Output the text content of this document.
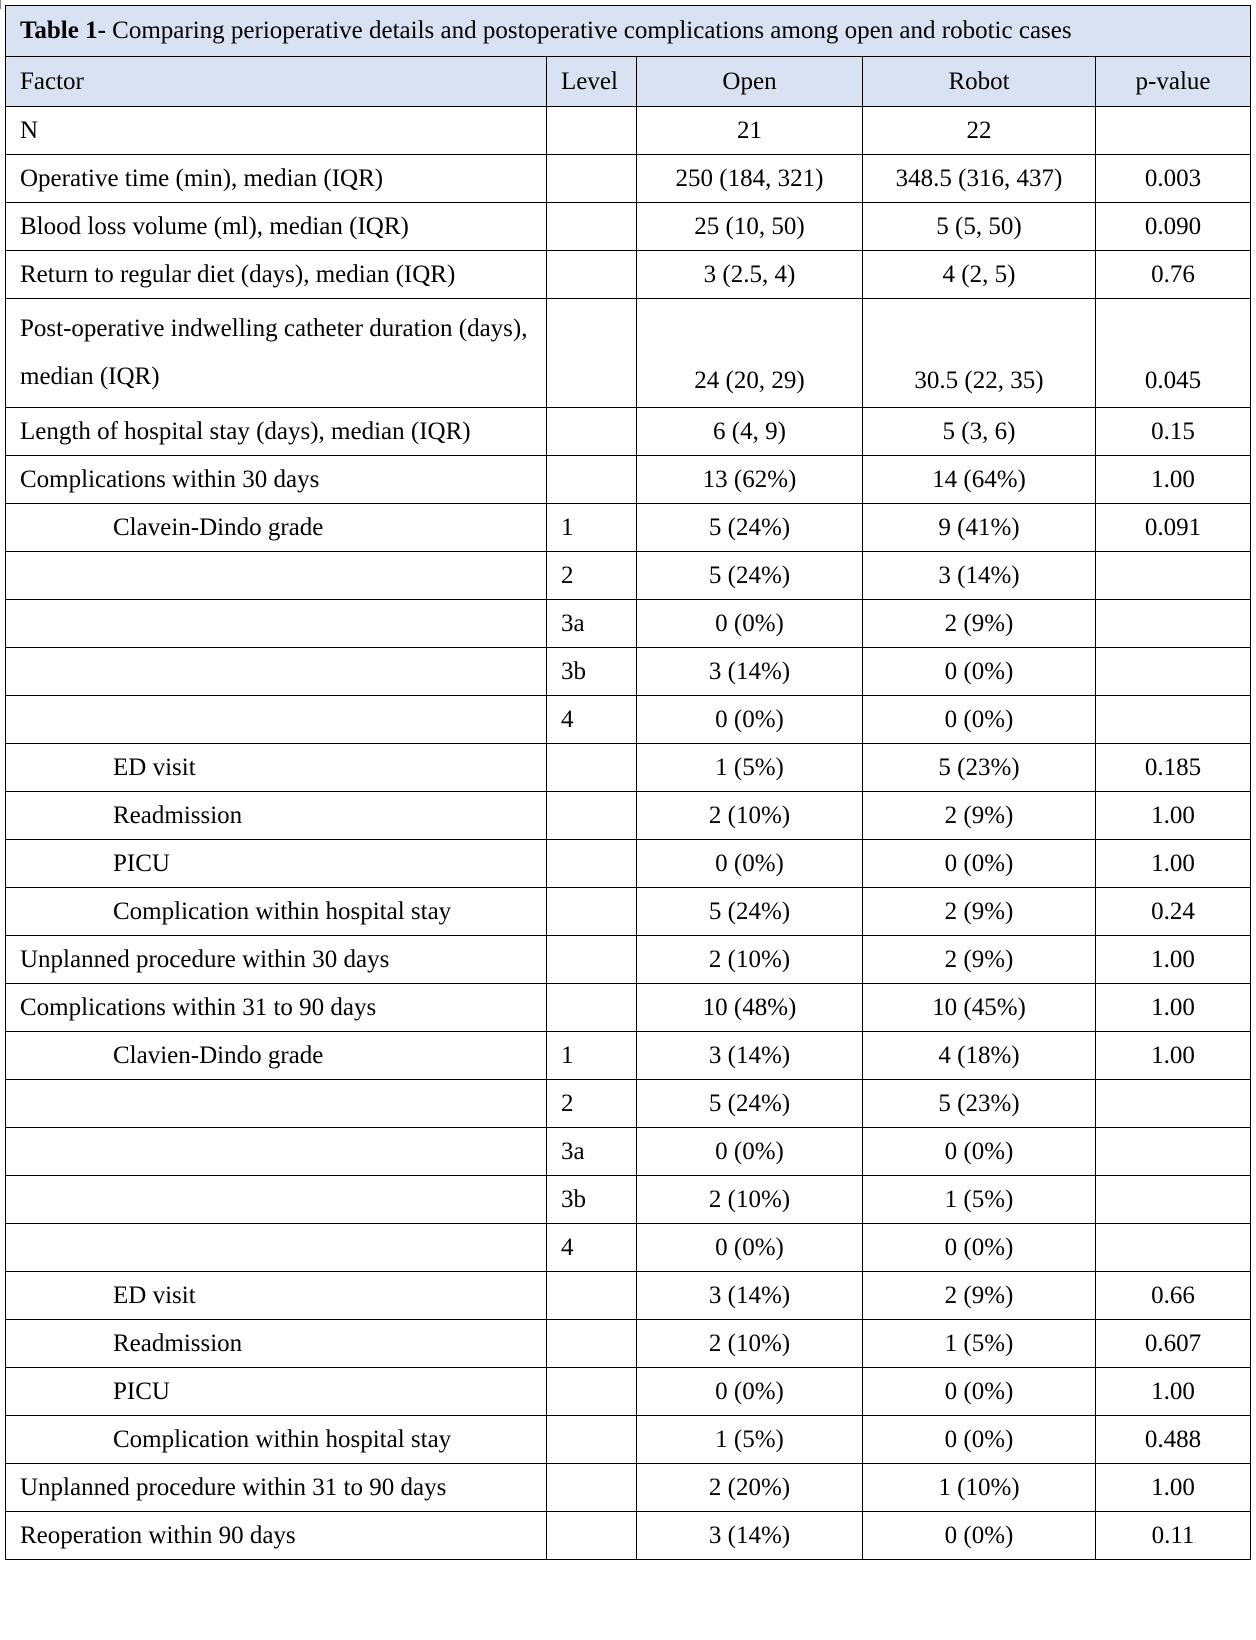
Table 1- Comparing perioperative details and postoperative complications among open and robotic cases				
Factor	Level	Open	Robot	p-value
N		21	22	
Operative time (min), median (IQR)		250 (184, 321)	348.5 (316, 437)	0.003
Blood loss volume (ml), median (IQR)		25 (10, 50)	5 (5, 50)	0.090
Return to regular diet (days), median (IQR)		3 (2.5, 4)	4 (2, 5)	0.76
Post-operative indwelling catheter duration (days), median (IQR)		24 (20, 29)	30.5 (22, 35)	0.045
Length of hospital stay (days), median (IQR)		6 (4, 9)	5 (3, 6)	0.15
Complications within 30 days		13 (62%)	14 (64%)	1.00
Clavein-Dindo grade	1	5 (24%)	9 (41%)	0.091
	2	5 (24%)	3 (14%)	
	3a	0 (0%)	2 (9%)	
	3b	3 (14%)	0 (0%)	
	4	0 (0%)	0 (0%)	
ED visit		1 (5%)	5 (23%)	0.185
Readmission		2 (10%)	2 (9%)	1.00
PICU		0 (0%)	0 (0%)	1.00
Complication within hospital stay		5 (24%)	2 (9%)	0.24
Unplanned procedure within 30 days		2 (10%)	2 (9%)	1.00
Complications within 31 to 90 days		10 (48%)	10 (45%)	1.00
Clavien-Dindo grade	1	3 (14%)	4 (18%)	1.00
	2	5 (24%)	5 (23%)	
	3a	0 (0%)	0 (0%)	
	3b	2 (10%)	1 (5%)	
	4	0 (0%)	0 (0%)	
ED visit		3 (14%)	2 (9%)	0.66
Readmission		2 (10%)	1 (5%)	0.607
PICU		0 (0%)	0 (0%)	1.00
Complication within hospital stay		1 (5%)	0 (0%)	0.488
Unplanned procedure within 31 to 90 days		2 (20%)	1 (10%)	1.00
Reoperation within 90 days		3 (14%)	0 (0%)	0.11
